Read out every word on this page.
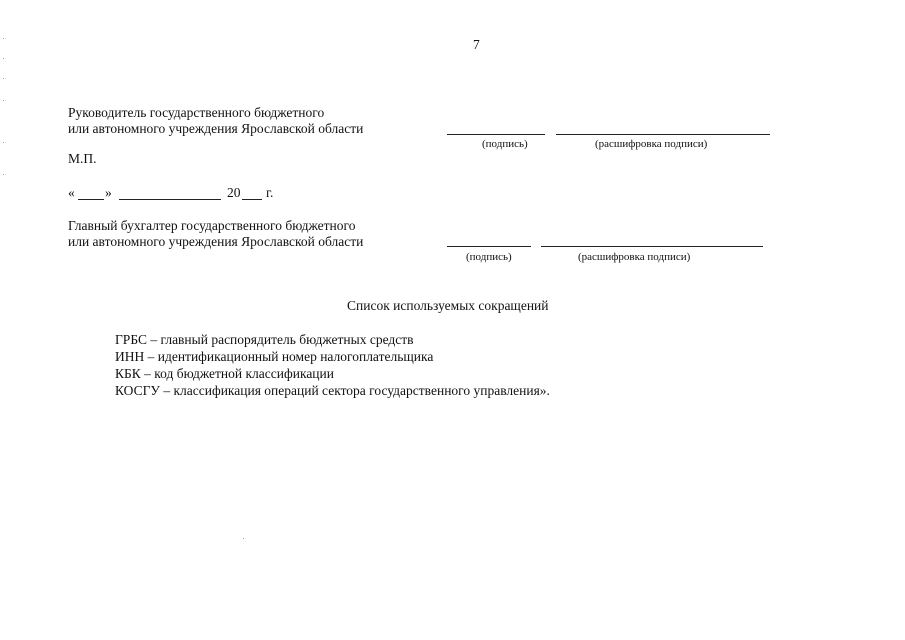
7
Руководитель государственного бюджетного
или автономного учреждения Ярославской области
(подпись)	(расшифровка подписи)
М.П.
« »	20 г.
Главный бухгалтер государственного бюджетного
или автономного учреждения Ярославской области
(подпись)	(расшифровка подписи)
Список используемых сокращений
ГРБС – главный распорядитель бюджетных средств
ИНН – идентификационный номер налогоплательщика
КБК – код бюджетной классификации
КОСГУ – классификация операций сектора государственного управления».
